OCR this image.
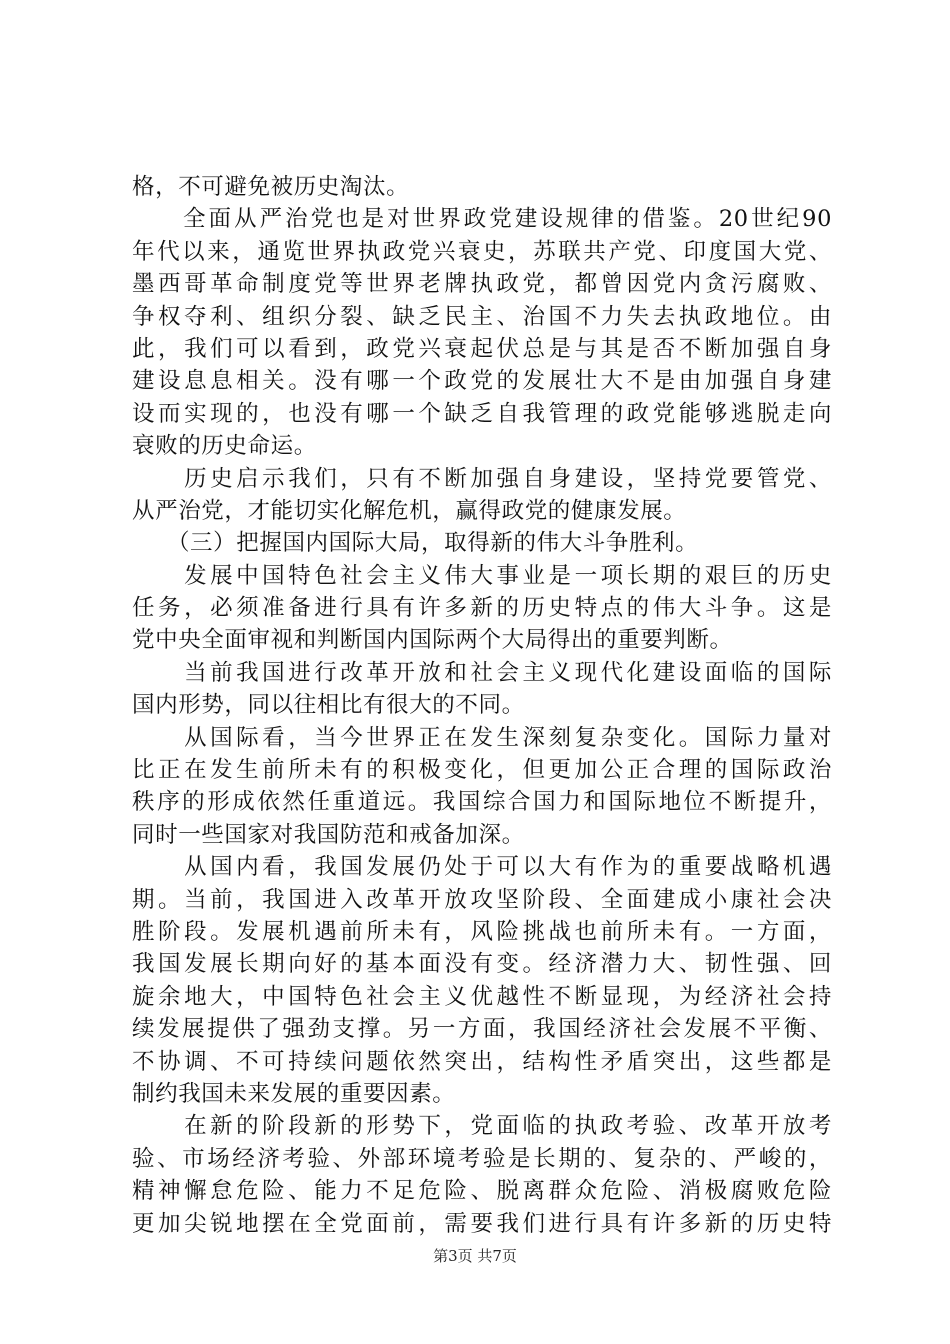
格，不可避免被历史淘汰。
　　全面从严治党也是对世界政党建设规律的借鉴。20世纪90
年代以来，通览世界执政党兴衰史，苏联共产党、印度国大党、
墨西哥革命制度党等世界老牌执政党，都曾因党内贪污腐败、
争权夺利、组织分裂、缺乏民主、治国不力失去执政地位。由
此，我们可以看到，政党兴衰起伏总是与其是否不断加强自身
建设息息相关。没有哪一个政党的发展壮大不是由加强自身建
设而实现的，也没有哪一个缺乏自我管理的政党能够逃脱走向
衰败的历史命运。
　　历史启示我们，只有不断加强自身建设，坚持党要管党、
从严治党，才能切实化解危机，赢得政党的健康发展。
　　（三）把握国内国际大局，取得新的伟大斗争胜利。
　　发展中国特色社会主义伟大事业是一项长期的艰巨的历史
任务，必须准备进行具有许多新的历史特点的伟大斗争。这是
党中央全面审视和判断国内国际两个大局得出的重要判断。
　　当前我国进行改革开放和社会主义现代化建设面临的国际
国内形势，同以往相比有很大的不同。
　　从国际看，当今世界正在发生深刻复杂变化。国际力量对
比正在发生前所未有的积极变化，但更加公正合理的国际政治
秩序的形成依然任重道远。我国综合国力和国际地位不断提升，
同时一些国家对我国防范和戒备加深。
　　从国内看，我国发展仍处于可以大有作为的重要战略机遇
期。当前，我国进入改革开放攻坚阶段、全面建成小康社会决
胜阶段。发展机遇前所未有，风险挑战也前所未有。一方面，
我国发展长期向好的基本面没有变。经济潜力大、韧性强、回
旋余地大，中国特色社会主义优越性不断显现，为经济社会持
续发展提供了强劲支撑。另一方面，我国经济社会发展不平衡、
不协调、不可持续问题依然突出，结构性矛盾突出，这些都是
制约我国未来发展的重要因素。
　　在新的阶段新的形势下，党面临的执政考验、改革开放考
验、市场经济考验、外部环境考验是长期的、复杂的、严峻的，
精神懈怠危险、能力不足危险、脱离群众危险、消极腐败危险
更加尖锐地摆在全党面前，需要我们进行具有许多新的历史特
第3页 共7页
